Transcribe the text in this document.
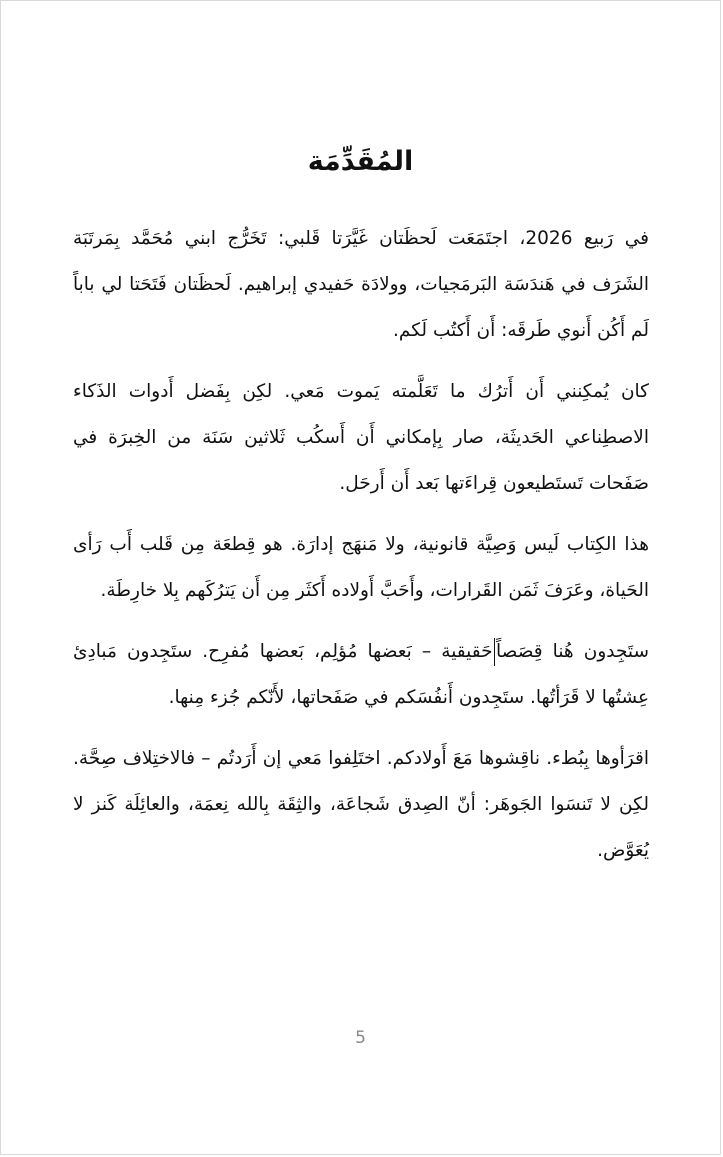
المُقَدِّمَة

في رَبيع 2026، اجتَمَعَت لَحظَتان غَيَّرَتا قَلبي: تَخَرُّج ابني مُحَمَّد بِمَرتَبَة الشَرَف في هَندَسَة البَرمَجيات، وولادَة حَفيدي إبراهيم. لَحظَتان فَتَحَتا لي باباً لَم أَكُن أَنوي طَرقَه: أَن أَكتُب لَكم.

كان يُمكِنني أَن أَترُك ما تَعَلَّمته يَموت مَعي. لكِن بِفَضل أَدوات الذَكاء الاصطِناعي الحَديثَة، صار بِإمكاني أَن أَسكُب ثَلاثين سَنَة من الخِبرَة في صَفَحات تَستَطيعون قِراءَتها بَعد أَن أَرحَل.

هذا الكِتاب لَيس وَصِيَّة قانونية، ولا مَنهَج إدارَة. هو قِطعَة مِن قَلب أَب رَأى الحَياة، وعَرَفَ ثَمَن القَرارات، وأَحَبَّ أَولاده أَكثَر مِن أَن يَترُكَهم بِلا خارِطَة.

ستَجِدون هُنا قِصَصاًحَقيقية – بَعضها مُؤلِم، بَعضها مُفرِح. ستَجِدون مَبادِئ عِشتُها لا قَرَأتُها. ستَجِدون أَنفُسَكم في صَفَحاتها، لأَنّكم جُزء مِنها.

اقرَأوها بِبُطء. ناقِشوها مَعَ أَولادكم. اختَلِفوا مَعي إن أَرَدتُم – فالاختِلاف صِحَّة. لكِن لا تَنسَوا الجَوهَر: أنّ الصِدق شَجاعَة، والثِقَة بِالله نِعمَة، والعائِلَة كَنز لا يُعَوَّض.

5
